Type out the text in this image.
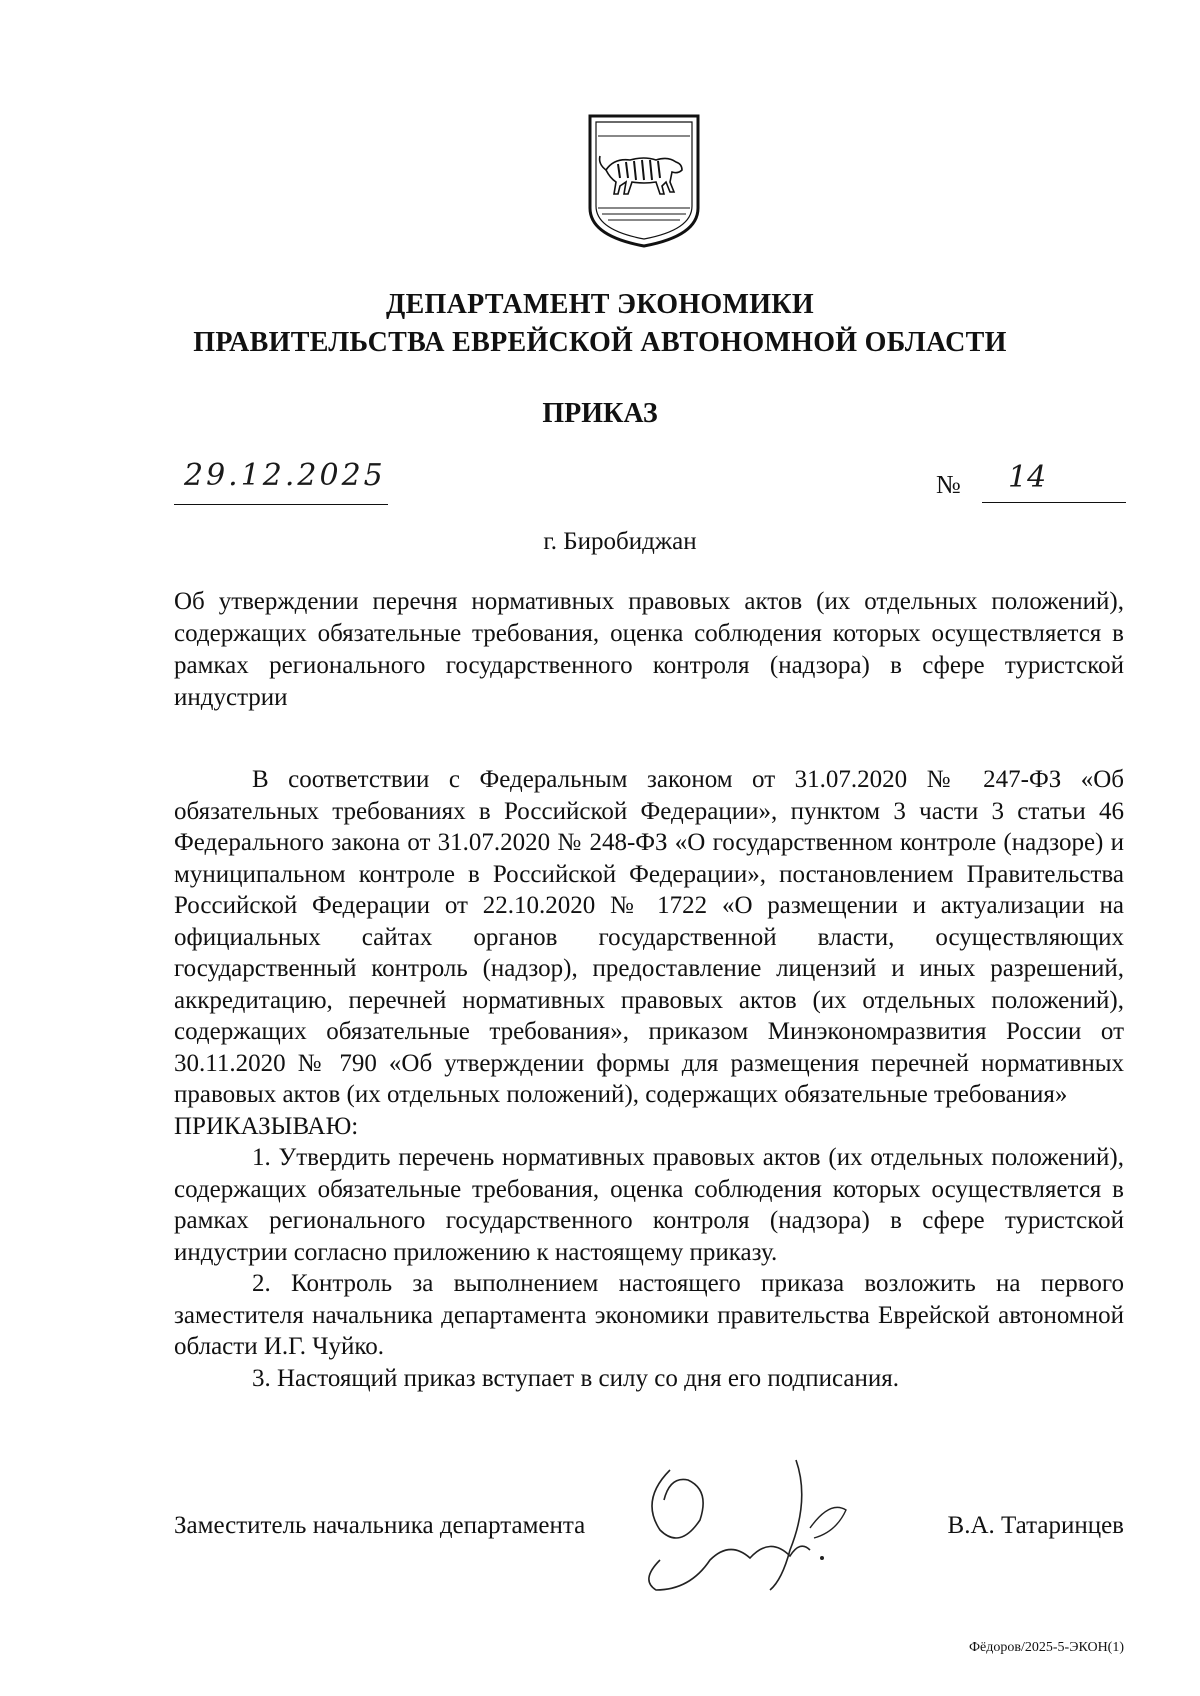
ДЕПАРТАМЕНТ ЭКОНОМИКИ
ПРАВИТЕЛЬСТВА ЕВРЕЙСКОЙ АВТОНОМНОЙ ОБЛАСТИ
ПРИКАЗ
29.12.2025	№ 14
г. Биробиджан
Об утверждении перечня нормативных правовых актов (их отдельных положений), содержащих обязательные требования, оценка соблюдения которых осуществляется в рамках регионального государственного контроля (надзора) в сфере туристской индустрии

В соответствии с Федеральным законом от 31.07.2020 № 247-ФЗ «Об обязательных требованиях в Российской Федерации», пунктом 3 части 3 статьи 46 Федерального закона от 31.07.2020 № 248-ФЗ «О государственном контроле (надзоре) и муниципальном контроле в Российской Федерации», постановлением Правительства Российской Федерации от 22.10.2020 № 1722 «О размещении и актуализации на официальных сайтах органов государственной власти, осуществляющих государственный контроль (надзор), предоставление лицензий и иных разрешений, аккредитацию, перечней нормативных правовых актов (их отдельных положений), содержащих обязательные требования», приказом Минэкономразвития России от 30.11.2020 № 790 «Об утверждении формы для размещения перечней нормативных правовых актов (их отдельных положений), содержащих обязательные требования»

ПРИКАЗЫВАЮ:

1. Утвердить перечень нормативных правовых актов (их отдельных положений), содержащих обязательные требования, оценка соблюдения которых осуществляется в рамках регионального государственного контроля (надзора) в сфере туристской индустрии согласно приложению к настоящему приказу.

2. Контроль за выполнением настоящего приказа возложить на первого заместителя начальника департамента экономики правительства Еврейской автономной области И.Г. Чуйко.

3. Настоящий приказ вступает в силу со дня его подписания.

Заместитель начальника департамента	В.А. Татаринцев
Фёдоров/2025-5-ЭКОН(1)
